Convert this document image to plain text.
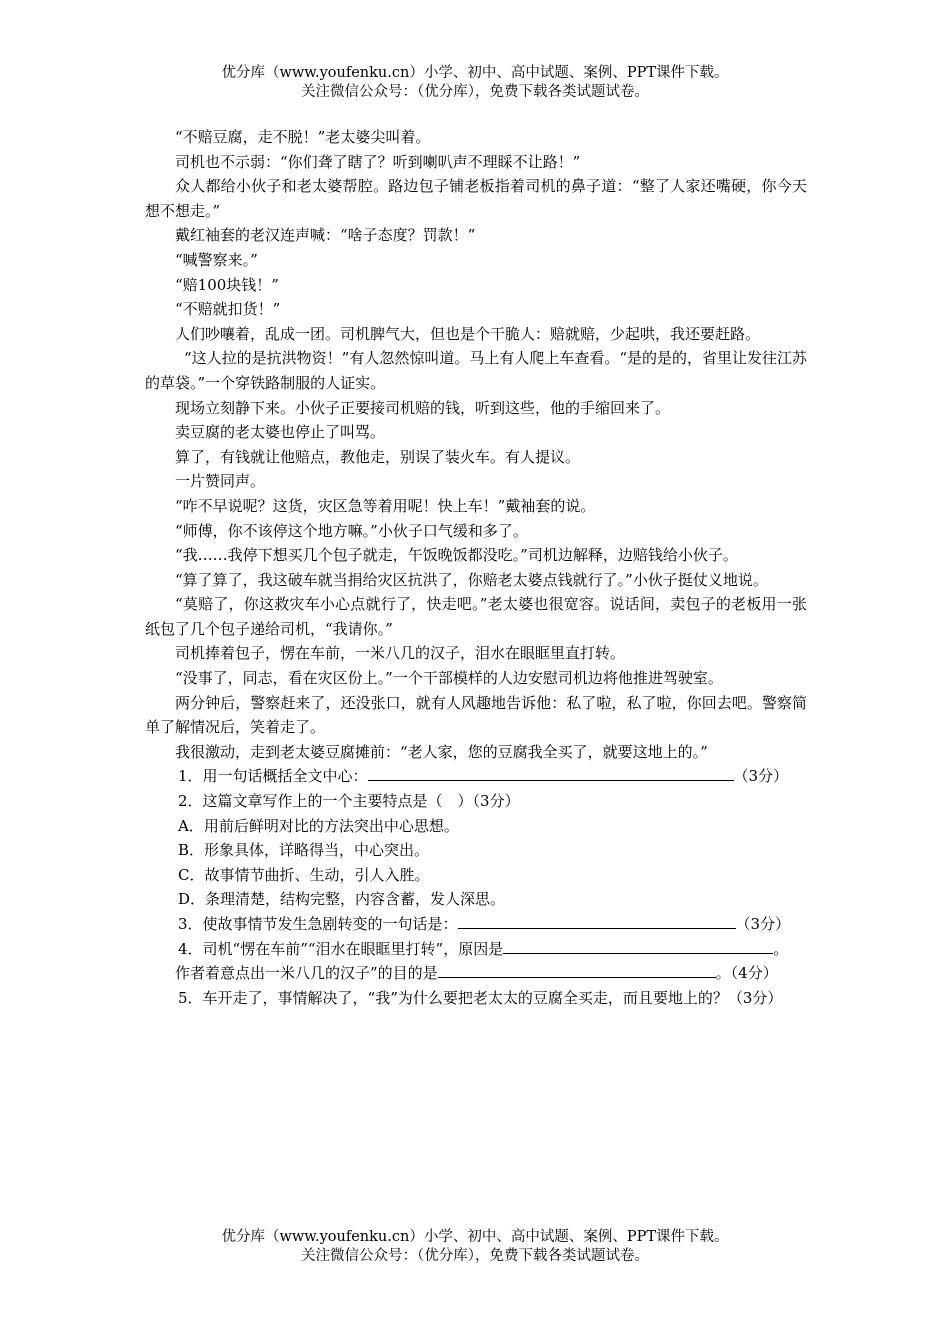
优分库（www.youfenku.cn）小学、初中、高中试题、案例、PPT课件下载。
关注微信公众号：（优分库），免费下载各类试题试卷。

“不赔豆腐，走不脱！”老太婆尖叫着。

司机也不示弱：“你们聋了瞎了？听到喇叭声不理睬不让路！”

众人都给小伙子和老太婆帮腔。路边包子铺老板指着司机的鼻子道：“整了人家还嘴硬，你今天想不想走。”

戴红袖套的老汉连声喊：“啥子态度？罚款！”

“喊警察来。”

“赔100块钱！”

“不赔就扣货！”

人们吵嚷着，乱成一团。司机脾气大，但也是个干脆人：赔就赔，少起哄，我还要赶路。

“这人拉的是抗洪物资！”有人忽然惊叫道。马上有人爬上车查看。“是的是的，省里让发往江苏的草袋。”一个穿铁路制服的人证实。

现场立刻静下来。小伙子正要接司机赔的钱，听到这些，他的手缩回来了。

卖豆腐的老太婆也停止了叫骂。

算了，有钱就让他赔点，教他走，别误了装火车。有人提议。

一片赞同声。

“咋不早说呢？这货，灾区急等着用呢！快上车！”戴袖套的说。

“师傅，你不该停这个地方嘛。”小伙子口气缓和多了。

“我……我停下想买几个包子就走，午饭晚饭都没吃。”司机边解释，边赔钱给小伙子。

“算了算了，我这破车就当捐给灾区抗洪了，你赔老太婆点钱就行了。”小伙子挺仗义地说。

“莫赔了，你这救灾车小心点就行了，快走吧。”老太婆也很宽容。说话间，卖包子的老板用一张纸包了几个包子递给司机，“我请你。”

司机捧着包子，愣在车前，一米八几的汉子，泪水在眼眶里直打转。

“没事了，同志，看在灾区份上。”一个干部模样的人边安慰司机边将他推进驾驶室。

两分钟后，警察赶来了，还没张口，就有人风趣地告诉他：私了啦，私了啦，你回去吧。警察简单了解情况后，笑着走了。

我很激动，走到老太婆豆腐摊前：“老人家，您的豆腐我全买了，就要这地上的。”

1．用一句话概括全文中心：	（3分）

2．这篇文章写作上的一个主要特点是（　）（3分）

A．用前后鲜明对比的方法突出中心思想。

B．形象具体，详略得当，中心突出。

C．故事情节曲折、生动，引人入胜。

D．条理清楚，结构完整，内容含蓄，发人深思。

3．使故事情节发生急剧转变的一句话是：	（3分）

4．司机“愣在车前”“泪水在眼眶里打转”，原因是	。

作者着意点出一米八几的汉子”的目的是	。（4分）

5．车开走了，事情解决了，“我”为什么要把老太太的豆腐全买走，而且要地上的？（3分）

优分库（www.youfenku.cn）小学、初中、高中试题、案例、PPT课件下载。
关注微信公众号：（优分库），免费下载各类试题试卷。
